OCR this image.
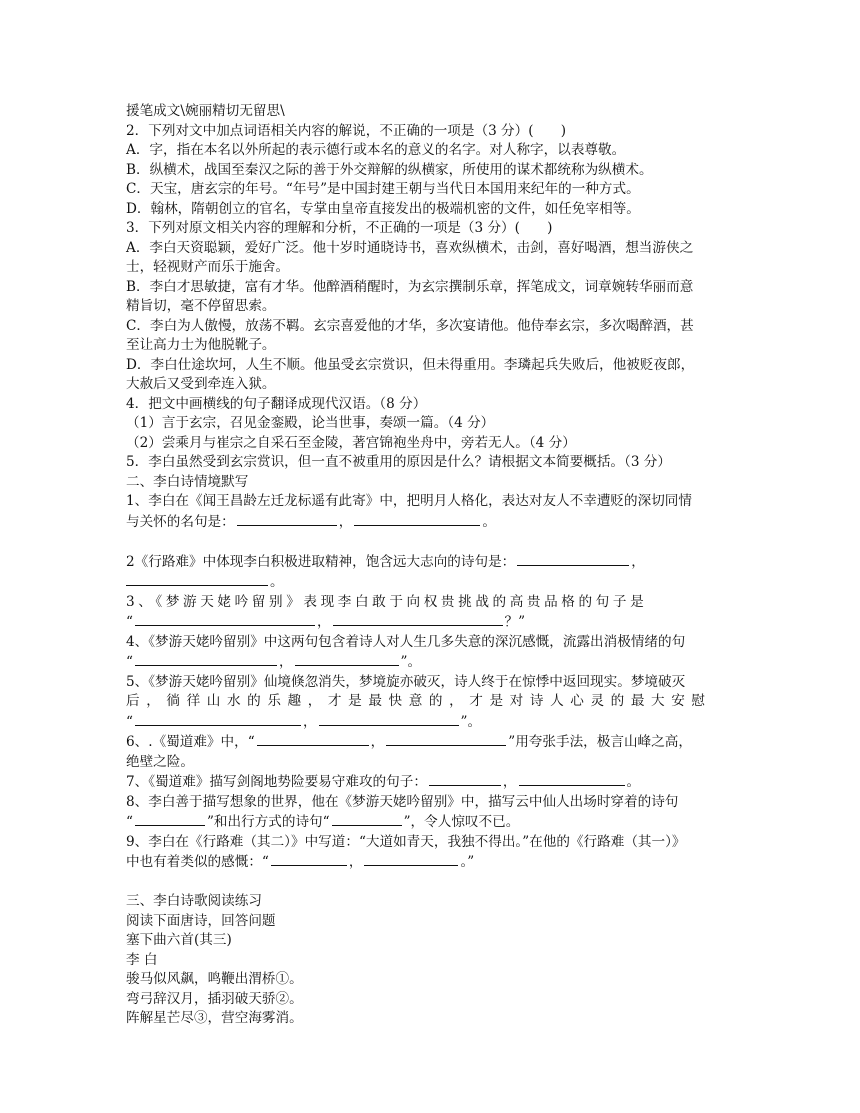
援笔成文\婉丽精切无留思\
2．下列对文中加点词语相关内容的解说，不正确的一项是（3 分）(　　)
A．字，指在本名以外所起的表示德行或本名的意义的名字。对人称字，以表尊敬。
B．纵横术，战国至秦汉之际的善于外交辩解的纵横家，所使用的谋术都统称为纵横术。
C．天宝，唐玄宗的年号。“年号”是中国封建王朝与当代日本国用来纪年的一种方式。
D．翰林，隋朝创立的官名，专掌由皇帝直接发出的极端机密的文件，如任免宰相等。
3．下列对原文相关内容的理解和分析，不正确的一项是（3 分）(　　)
A．李白天资聪颖，爱好广泛。他十岁时通晓诗书，喜欢纵横术，击剑，喜好喝酒，想当游侠之
士，轻视财产而乐于施舍。
B．李白才思敏捷，富有才华。他醉酒稍醒时，为玄宗撰制乐章，挥笔成文，词章婉转华丽而意
精旨切，毫不停留思索。
C．李白为人傲慢，放荡不羁。玄宗喜爱他的才华，多次宴请他。他侍奉玄宗，多次喝醉酒，甚
至让高力士为他脱靴子。
D．李白仕途坎坷，人生不顺。他虽受玄宗赏识，但未得重用。李璘起兵失败后，他被贬夜郎，
大赦后又受到牵连入狱。
4．把文中画横线的句子翻译成现代汉语。（8 分）
（1）言于玄宗，召见金銮殿，论当世事，奏颂一篇。（4 分）
（2）尝乘月与崔宗之自采石至金陵，著宫锦袍坐舟中，旁若无人。（4 分）
5．李白虽然受到玄宗赏识，但一直不被重用的原因是什么？请根据文本简要概括。（3 分）
二、李白诗情境默写
1、李白在《闻王昌龄左迁龙标遥有此寄》中，把明月人格化，表达对友人不幸遭贬的深切同情
与关怀的名句是：	，	。
2《行路难》中体现李白积极进取精神，饱含远大志向的诗句是：	，
。
3、《梦游天姥吟留别》表现李白敢于向权贵挑战的高贵品格的句子是
“	，	？”
4、《梦游天姥吟留别》中这两句包含着诗人对人生几多失意的深沉感慨，流露出消极情绪的句
“	，	”。
5、《梦游天姥吟留别》仙境倏忽消失，梦境旋亦破灭，诗人终于在惊悸中返回现实。梦境破灭
后，徜徉山水的乐趣，才是最快意的，才是对诗人心灵的最大安慰
“	，	”。
6、.《蜀道难》中，“	，	”用夸张手法，极言山峰之高，
绝壁之险。
7、《蜀道难》描写剑阁地势险要易守难攻的句子：	，	。
8、李白善于描写想象的世界，他在《梦游天姥吟留别》中，描写云中仙人出场时穿着的诗句
“	”和出行方式的诗句“	”，令人惊叹不已。
9、李白在《行路难（其二）》中写道：“大道如青天，我独不得出。”在他的《行路难（其一）》
中也有着类似的感慨：“	，	。”
三、李白诗歌阅读练习
阅读下面唐诗，回答问题
塞下曲六首(其三)
李 白
骏马似风飙，鸣鞭出渭桥①。
弯弓辞汉月，插羽破天骄②。
阵解星芒尽③，营空海雾消。
